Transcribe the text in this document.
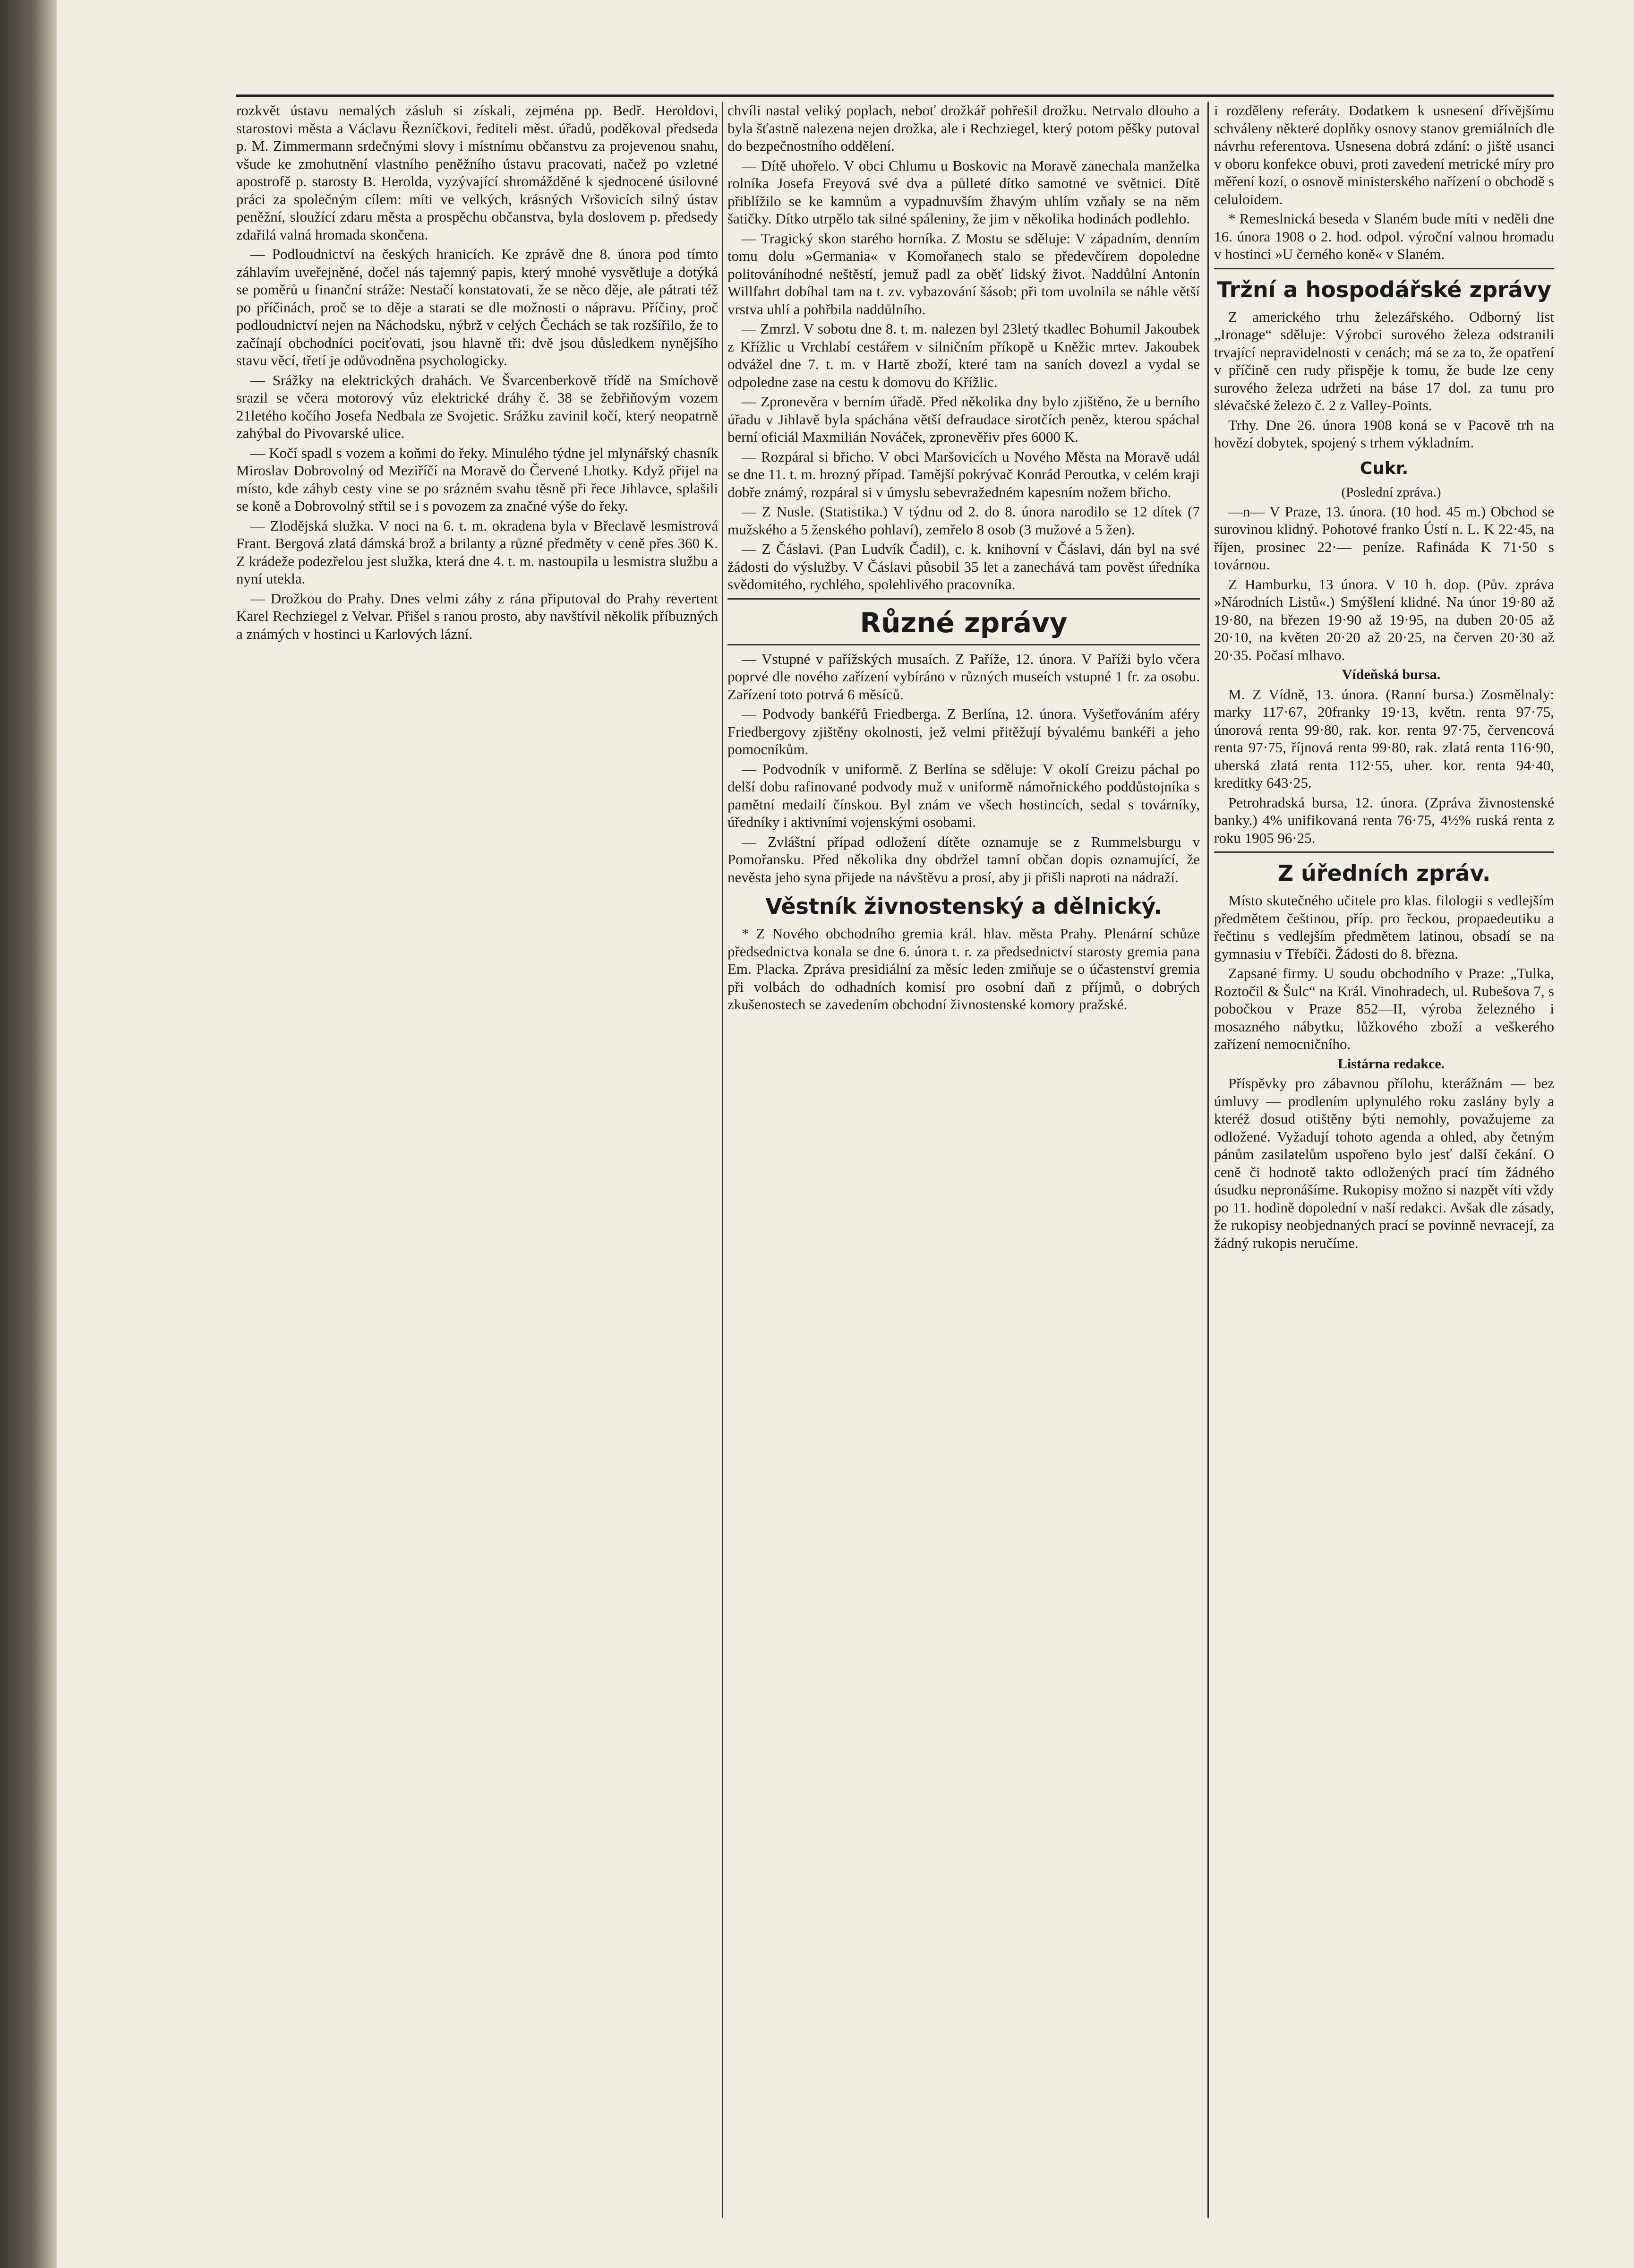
rozkvět ústavu nemalých zásluh si získali, zejména pp. Bedř. Heroldovi, starostovi města a Václavu Řezníčkovi, řediteli měst. úřadů, poděkoval předseda p. M. Zimmermann srdečnými slovy i místnímu občanstvu za projevenou snahu, všude ke zmohutnění vlastního peněžního ústavu pracovati, načež po vzletné apostrofě p. starosty B. Herolda, vyzývající shromážděné k sjednocené úsilovné práci za společným cílem: míti ve velkých, krásných Vršovicích silný ústav peněžní, sloužící zdaru města a prospěchu občanstva, byla doslovem p. předsedy zdařilá valná hromada skončena.

— Podloudnictví na českých hranicích. Ke zprávě dne 8. února pod tímto záhlavím uveřejněné, dočel nás tajemný papis, který mnohé vysvětluje a dotýká se poměrů u finanční stráže: Nestačí konstatovati, že se něco děje, ale pátrati též po příčinách, proč se to děje a starati se dle možnosti o nápravu. Příčiny, proč podloudnictví nejen na Náchodsku, nýbrž v celých Čechách se tak rozšířilo, že to začínají obchodníci pociťovati, jsou hlavně tři: dvě jsou důsledkem nynějšího stavu věcí, třetí je odůvodněna psychologicky.

— Srážky na elektrických drahách. Ve Švarcenberkově třídě na Smíchově srazil se včera motorový vůz elektrické dráhy č. 38 se žebřiňovým vozem 21letého kočího Josefa Nedbala ze Svojetic. Srážku zavinil kočí, který neopatrně zahýbal do Pivovarské ulice.

— Kočí spadl s vozem a koňmi do řeky. Minulého týdne jel mlynářský chasník Miroslav Dobrovolný od Meziříčí na Moravě do Červené Lhotky. Když přijel na místo, kde záhyb cesty vine se po srázném svahu těsně při řece Jihlavce, splašili se koně a Dobrovolný střtil se i s povozem za značné výše do řeky.

— Zlodějská služka. V noci na 6. t. m. okradena byla v Břeclavě lesmistrová Frant. Bergová zlatá dámská brož a brilanty a různé předměty v ceně přes 360 K. Z krádeže podezřelou jest služka, která dne 4. t. m. nastoupila u lesmistra službu a nyní utekla.

— Drožkou do Prahy. Dnes velmi záhy z rána připutoval do Prahy revertent Karel Rechziegel z Velvar. Přišel s ranou prosto, aby navštívil několik příbuzných a známých v hostinci u Karlových lázní.

chvíli nastal veliký poplach, neboť drožkář pohřešil drožku. Netrvalo dlouho a byla šťastně nalezena nejen drožka, ale i Rechziegel, který potom pěšky putoval do bezpečnostního oddělení.

— Dítě uhořelo. V obci Chlumu u Boskovic na Moravě zanechala manželka rolníka Josefa Freyová své dva a půlleté dítko samotné ve světnici. Dítě přiblížilo se ke kamnům a vypadnuvším žhavým uhlím vzňaly se na něm šatičky. Dítko utrpělo tak silné spáleniny, že jim v několika hodinách podlehlo.

— Tragický skon starého horníka. Z Mostu se sděluje: V západním, denním tomu dolu »Germania« v Komořanech stalo se předevčírem dopoledne politováníhodné neštěstí, jemuž padl za oběť lidský život. Naddůlní Antonín Willfahrt dobíhal tam na t. zv. vybazování šásob; při tom uvolnila se náhle větší vrstva uhlí a pohřbila naddůlního.

— Zmrzl. V sobotu dne 8. t. m. nalezen byl 23letý tkadlec Bohumil Jakoubek z Křížlic u Vrchlabí cestářem v silničním příkopě u Kněžic mrtev. Jakoubek odvážel dne 7. t. m. v Hartě zboží, které tam na saních dovezl a vydal se odpoledne zase na cestu k domovu do Křížlic.

— Zpronevěra v berním úřadě. Před několika dny bylo zjištěno, že u berního úřadu v Jihlavě byla spáchána větší defraudace sirotčích peněz, kterou spáchal berní oficiál Maxmilián Nováček, zpronevěřiv přes 6000 K.

— Rozpáral si břicho. V obci Maršovicích u Nového Města na Moravě udál se dne 11. t. m. hrozný případ. Tamější pokrývač Konrád Peroutka, v celém kraji dobře známý, rozpáral si v úmyslu sebevražedném kapesním nožem břicho.

— Z Nusle. (Statistika.) V týdnu od 2. do 8. února narodilo se 12 dítek (7 mužského a 5 ženského pohlaví), zemřelo 8 osob (3 mužové a 5 žen).

— Z Čáslavi. (Pan Ludvík Čadil), c. k. knihovní v Čáslavi, dán byl na své žádosti do výslužby. V Čáslavi působil 35 let a zanechává tam pověst úředníka svědomitého, rychlého, spolehlivého pracovníka.

Různé zprávy

— Vstupné v pařížských musaích. Z Paříže, 12. února. V Paříži bylo včera poprvé dle nového zařízení vybíráno v různých museích vstupné 1 fr. za osobu. Zařízení toto potrvá 6 měsíců.

— Podvody bankéřů Friedberga. Z Berlína, 12. února. Vyšetřováním aféry Friedbergovy zjištěny okolnosti, jež velmi přitěžují bývalému bankéři a jeho pomocníkům.

— Podvodník v uniformě. Z Berlína se sděluje: V okolí Greizu páchal po delší dobu rafinované podvody muž v uniformě námořnického poddůstojníka s pamětní medailí čínskou. Byl znám ve všech hostincích, sedal s továrníky, úředníky i aktivními vojenskými osobami.

— Zvláštní případ odložení dítěte oznamuje se z Rummelsburgu v Pomořansku. Před několika dny obdržel tamní občan dopis oznamující, že nevěsta jeho syna přijede na návštěvu a prosí, aby ji přišli naproti na nádraží.

Věstník živnostenský a dělnický.

* Z Nového obchodního gremia král. hlav. města Prahy. Plenární schůze předsednictva konala se dne 6. února t. r. za předsednictví starosty gremia pana Em. Placka. Zpráva presidiální za měsíc leden zmiňuje se o účastenství gremia při volbách do odhadních komisí pro osobní daň z příjmů, o dobrých zkušenostech se zavedením obchodní živnostenské komory pražské.

i rozděleny referáty. Dodatkem k usnesení dřívějšímu schváleny některé doplňky osnovy stanov gremiálních dle návrhu referentova. Usnesena dobrá zdání: o jiště usanci v oboru konfekce obuvi, proti zavedení metrické míry pro měření kozí, o osnově ministerského nařízení o obchodě s celuloidem.

* Remeslnická beseda v Slaném bude míti v neděli dne 16. února 1908 o 2. hod. odpol. výroční valnou hromadu v hostinci »U černého koně« v Slaném.

Tržní a hospodářské zprávy

Z amerického trhu železářského. Odborný list „Ironage“ sděluje: Výrobci surového železa odstranili trvající nepravidelnosti v cenách; má se za to, že opatření v příčině cen rudy přispěje k tomu, že bude lze ceny surového železa udržeti na báse 17 dol. za tunu pro slévačské železo č. 2 z Valley-Points.

Trhy. Dne 26. února 1908 koná se v Pacově trh na hovězí dobytek, spojený s trhem výkladním.

Cukr.

(Poslední zpráva.)

—n— V Praze, 13. února. (10 hod. 45 m.) Obchod se surovinou klidný. Pohotové franko Ústí n. L. K 22·45, na říjen, prosinec 22·— peníze. Rafináda K 71·50 s továrnou.

Z Hamburku, 13 února. V 10 h. dop. (Pův. zpráva »Národních Listů«.) Smýšlení klidné. Na únor 19·80 až 19·80, na březen 19·90 až 19·95, na duben 20·05 až 20·10, na květen 20·20 až 20·25, na červen 20·30 až 20·35. Počasí mlhavo.

Vídeňská bursa.

M. Z Vídně, 13. února. (Ranní bursa.) Zosmělnaly: marky 117·67, 20franky 19·13, květn. renta 97·75, únorová renta 99·80, rak. kor. renta 97·75, červencová renta 97·75, říjnová renta 99·80, rak. zlatá renta 116·90, uherská zlatá renta 112·55, uher. kor. renta 94·40, kreditky 643·25.

Petrohradská bursa, 12. února. (Zpráva živnostenské banky.) 4% unifikovaná renta 76·75, 4½% ruská renta z roku 1905 96·25.

Z úředních zpráv.

Místo skutečného učitele pro klas. filologii s vedlejším předmětem češtinou, příp. pro řeckou, propaedeutiku a řečtinu s vedlejším předmětem latinou, obsadí se na gymnasiu v Třebíči. Žádosti do 8. března.

Zapsané firmy. U soudu obchodního v Praze: „Tulka, Roztočil & Šulc“ na Král. Vinohradech, ul. Rubešova 7, s pobočkou v Praze 852—II, výroba železného i mosazného nábytku, lůžkového zboží a veškerého zařízení nemocničního.

Listárna redakce.

Příspěvky pro zábavnou přílohu, kterážnám — bez úmluvy — prodlením uplynulého roku zaslány byly a kteréž dosud otištěny býti nemohly, považujeme za odložené. Vyžadují tohoto agenda a ohled, aby četným pánům zasilatelům uspořeno bylo jesť další čekání. O ceně či hodnotě takto odložených prací tím žádného úsudku nepronášíme. Rukopisy možno si nazpět víti vždy po 11. hodině dopolední v naší redakci. Avšak dle zásady, že rukopisy neobjednaných prací se povinně nevracejí, za žádný rukopis neručíme.
